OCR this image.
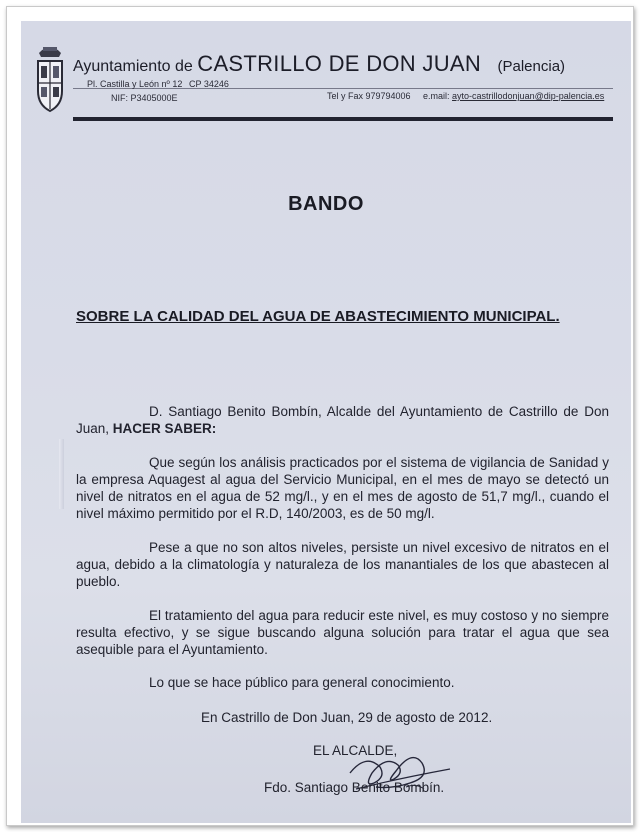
Ayuntamiento de CASTRILLO DE DON JUAN (Palencia)
Pl. Castilla y León nº 12 CP 34246
NIF: P3405000E	Tel y Fax 979794006 e.mail: ayto-castrillodonjuan@dip-palencia.es
BANDO
SOBRE LA CALIDAD DEL AGUA DE ABASTECIMIENTO MUNICIPAL.
D. Santiago Benito Bombín, Alcalde del Ayuntamiento de Castrillo de Don Juan, HACER SABER:
Que según los análisis practicados por el sistema de vigilancia de Sanidad y la empresa Aquagest al agua del Servicio Municipal, en el mes de mayo se detectó un nivel de nitratos en el agua de 52 mg/l., y en el mes de agosto de 51,7 mg/l., cuando el nivel máximo permitido por el R.D, 140/2003, es de 50 mg/l.
Pese a que no son altos niveles, persiste un nivel excesivo de nitratos en el agua, debido a la climatología y naturaleza de los manantiales de los que abastecen al pueblo.
El tratamiento del agua para reducir este nivel, es muy costoso y no siempre resulta efectivo, y se sigue buscando alguna solución para tratar el agua que sea asequible para el Ayuntamiento.
Lo que se hace público para general conocimiento.
En Castrillo de Don Juan, 29 de agosto de 2012.
EL ALCALDE,
Fdo. Santiago Benito Bombín.
